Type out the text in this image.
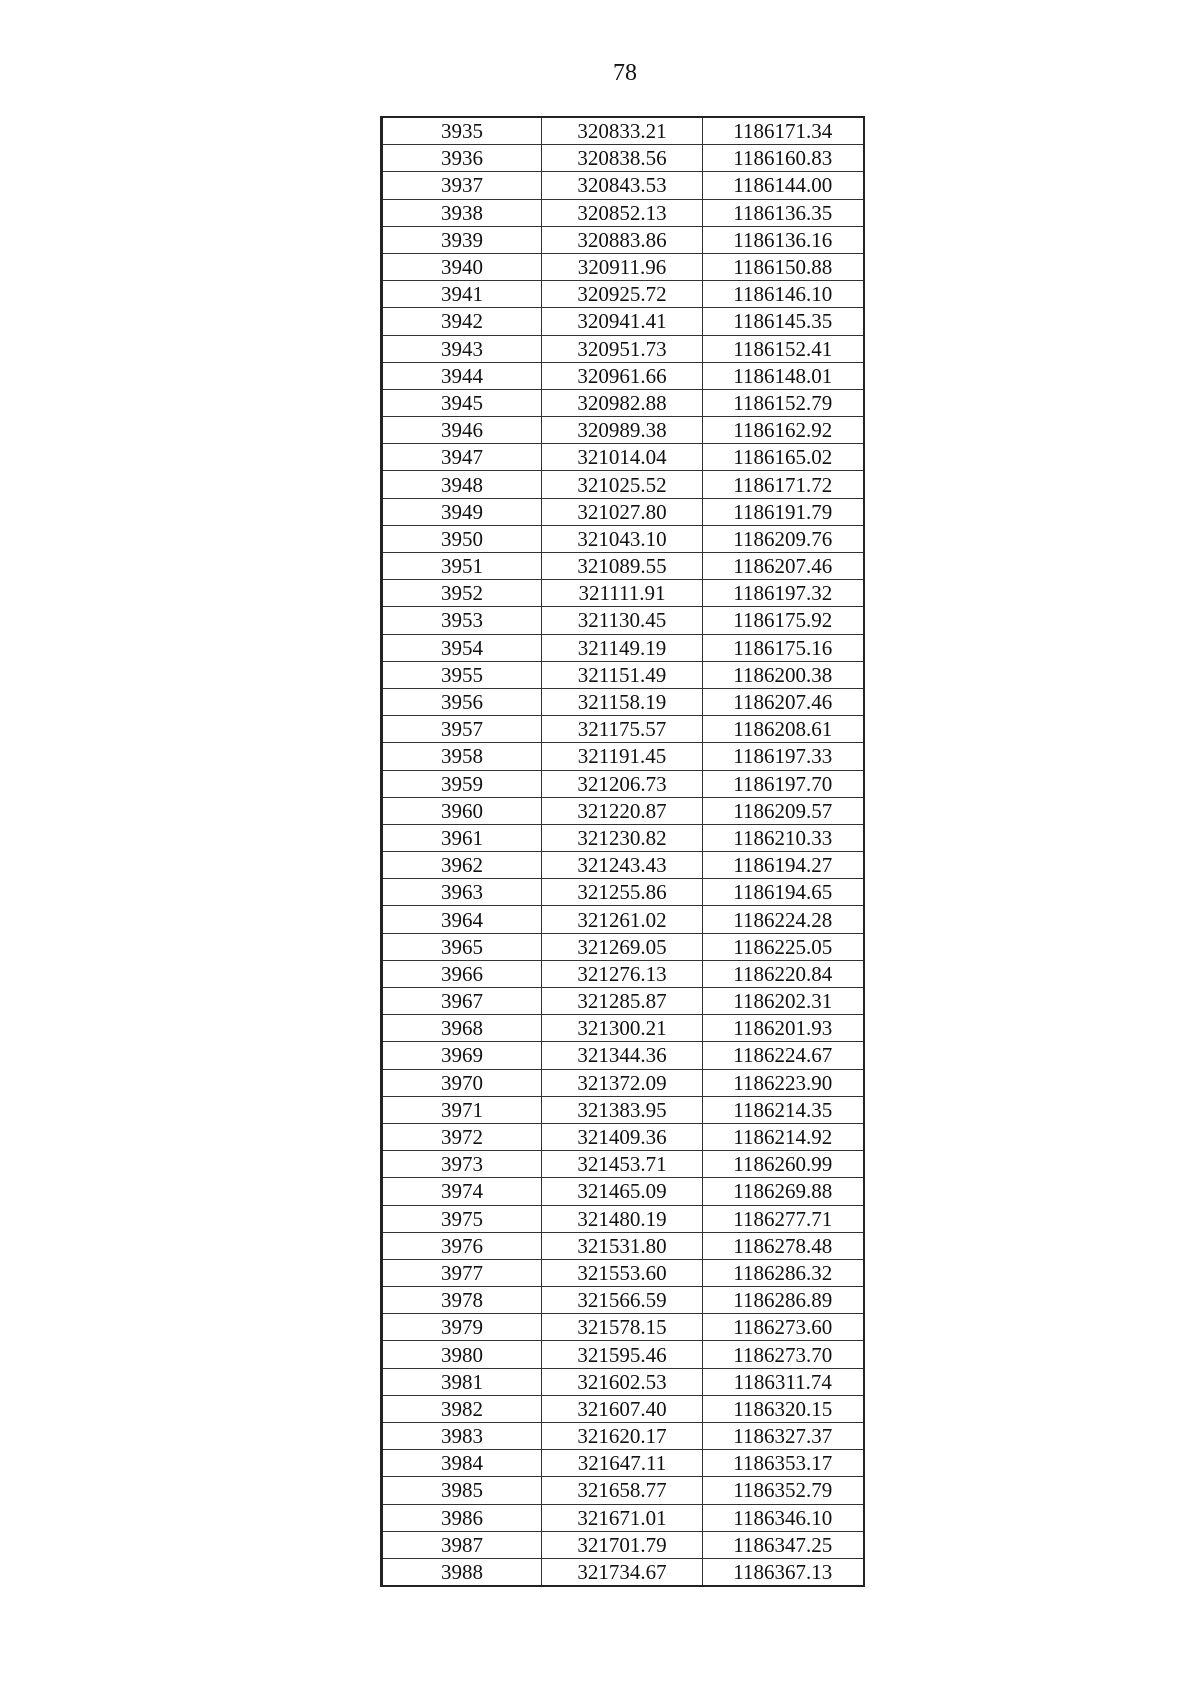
78
3935	320833.21	1186171.34
3936	320838.56	1186160.83
3937	320843.53	1186144.00
3938	320852.13	1186136.35
3939	320883.86	1186136.16
3940	320911.96	1186150.88
3941	320925.72	1186146.10
3942	320941.41	1186145.35
3943	320951.73	1186152.41
3944	320961.66	1186148.01
3945	320982.88	1186152.79
3946	320989.38	1186162.92
3947	321014.04	1186165.02
3948	321025.52	1186171.72
3949	321027.80	1186191.79
3950	321043.10	1186209.76
3951	321089.55	1186207.46
3952	321111.91	1186197.32
3953	321130.45	1186175.92
3954	321149.19	1186175.16
3955	321151.49	1186200.38
3956	321158.19	1186207.46
3957	321175.57	1186208.61
3958	321191.45	1186197.33
3959	321206.73	1186197.70
3960	321220.87	1186209.57
3961	321230.82	1186210.33
3962	321243.43	1186194.27
3963	321255.86	1186194.65
3964	321261.02	1186224.28
3965	321269.05	1186225.05
3966	321276.13	1186220.84
3967	321285.87	1186202.31
3968	321300.21	1186201.93
3969	321344.36	1186224.67
3970	321372.09	1186223.90
3971	321383.95	1186214.35
3972	321409.36	1186214.92
3973	321453.71	1186260.99
3974	321465.09	1186269.88
3975	321480.19	1186277.71
3976	321531.80	1186278.48
3977	321553.60	1186286.32
3978	321566.59	1186286.89
3979	321578.15	1186273.60
3980	321595.46	1186273.70
3981	321602.53	1186311.74
3982	321607.40	1186320.15
3983	321620.17	1186327.37
3984	321647.11	1186353.17
3985	321658.77	1186352.79
3986	321671.01	1186346.10
3987	321701.79	1186347.25
3988	321734.67	1186367.13
